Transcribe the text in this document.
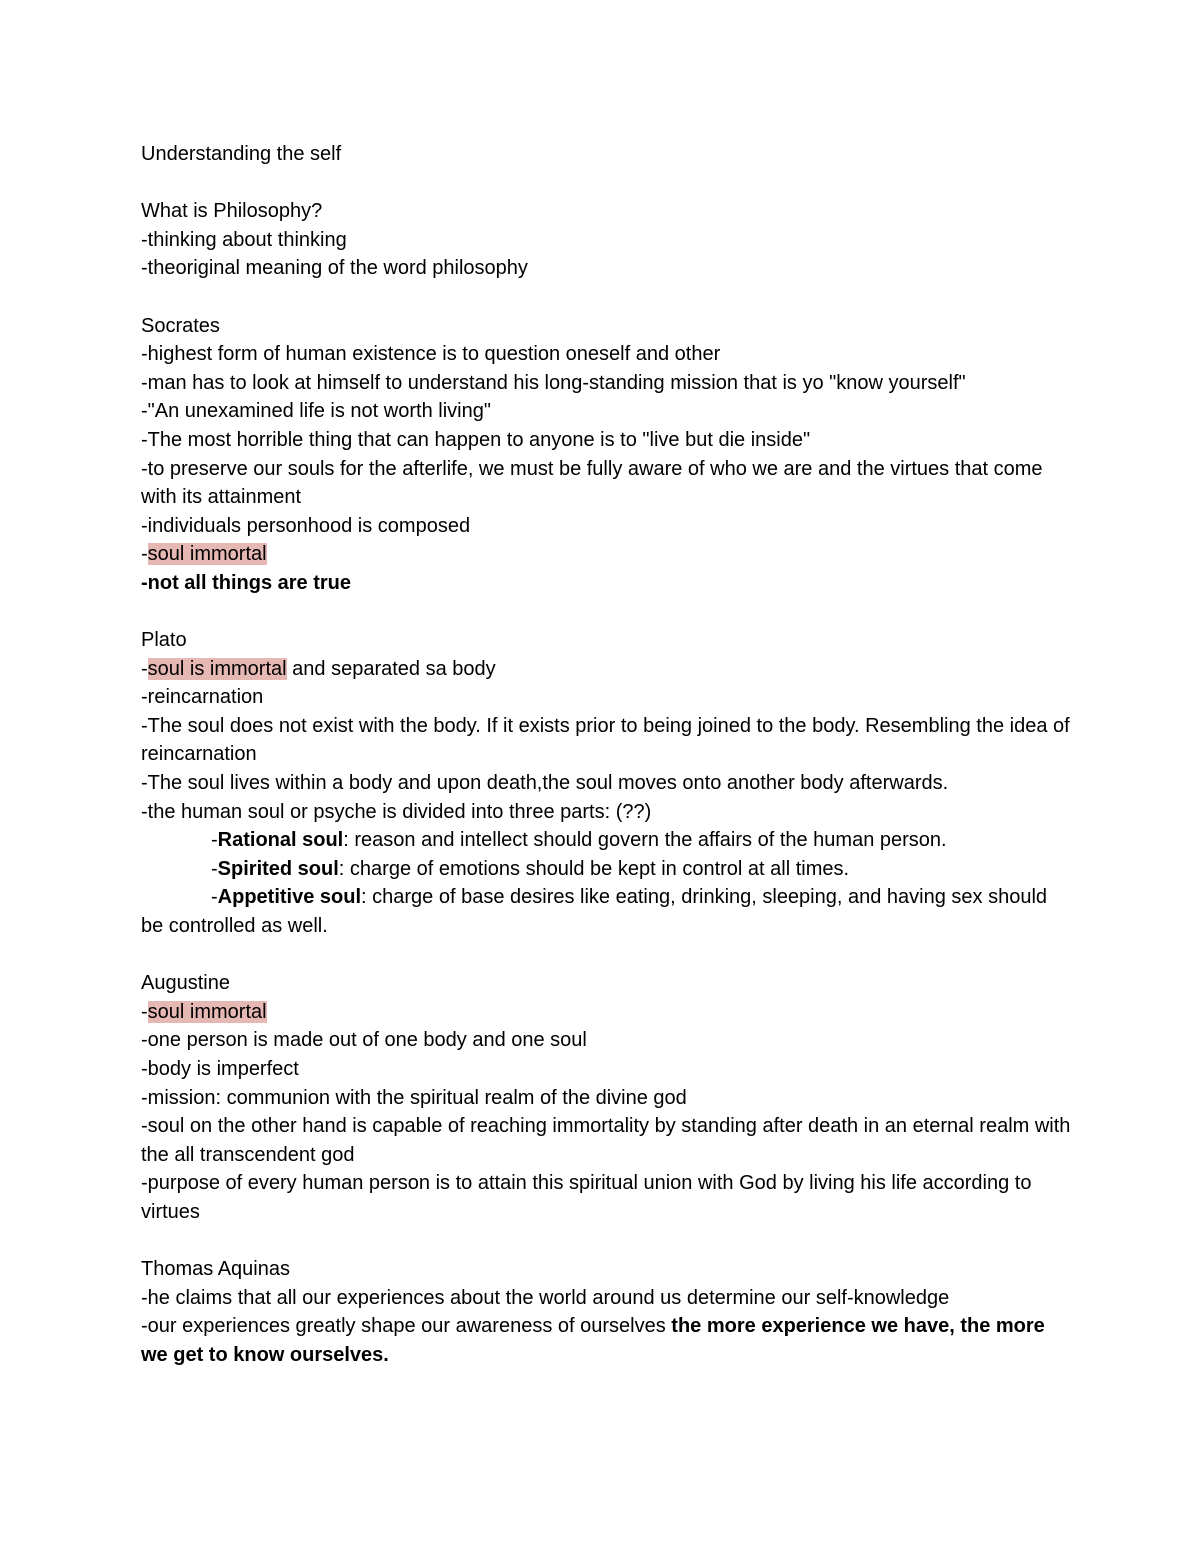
Understanding the self
What is Philosophy?
-thinking about thinking
-theoriginal meaning of the word philosophy
Socrates
-highest form of human existence is to question oneself and other
-man has to look at himself to understand his long-standing mission that is yo "know yourself"
-"An unexamined life is not worth living"
-The most horrible thing that can happen to anyone is to "live but die inside"
-to preserve our souls for the afterlife, we must be fully aware of who we are and the virtues that come with its attainment
-individuals personhood is composed
-soul immortal
-not all things are true
Plato
-soul is immortal and separated sa body
-reincarnation
-The soul does not exist with the body. If it exists prior to being joined to the body. Resembling the idea of reincarnation
-The soul lives within a body and upon death,the soul moves onto another body afterwards.
-the human soul or psyche is divided into three parts: (??)
-Rational soul: reason and intellect should govern the affairs of the human person.
-Spirited soul: charge of emotions should be kept in control at all times.
-Appetitive soul: charge of base desires like eating, drinking, sleeping, and having sex should be controlled as well.
Augustine
-soul immortal
-one person is made out of one body and one soul
-body is imperfect
-mission: communion with the spiritual realm of the divine god
-soul on the other hand is capable of reaching immortality by standing after death in an eternal realm with the all transcendent god
-purpose of every human person is to attain this spiritual union with God by living his life according to virtues
Thomas Aquinas
-he claims that all our experiences about the world around us determine our self-knowledge
-our experiences greatly shape our awareness of ourselves the more experience we have, the more we get to know ourselves.
